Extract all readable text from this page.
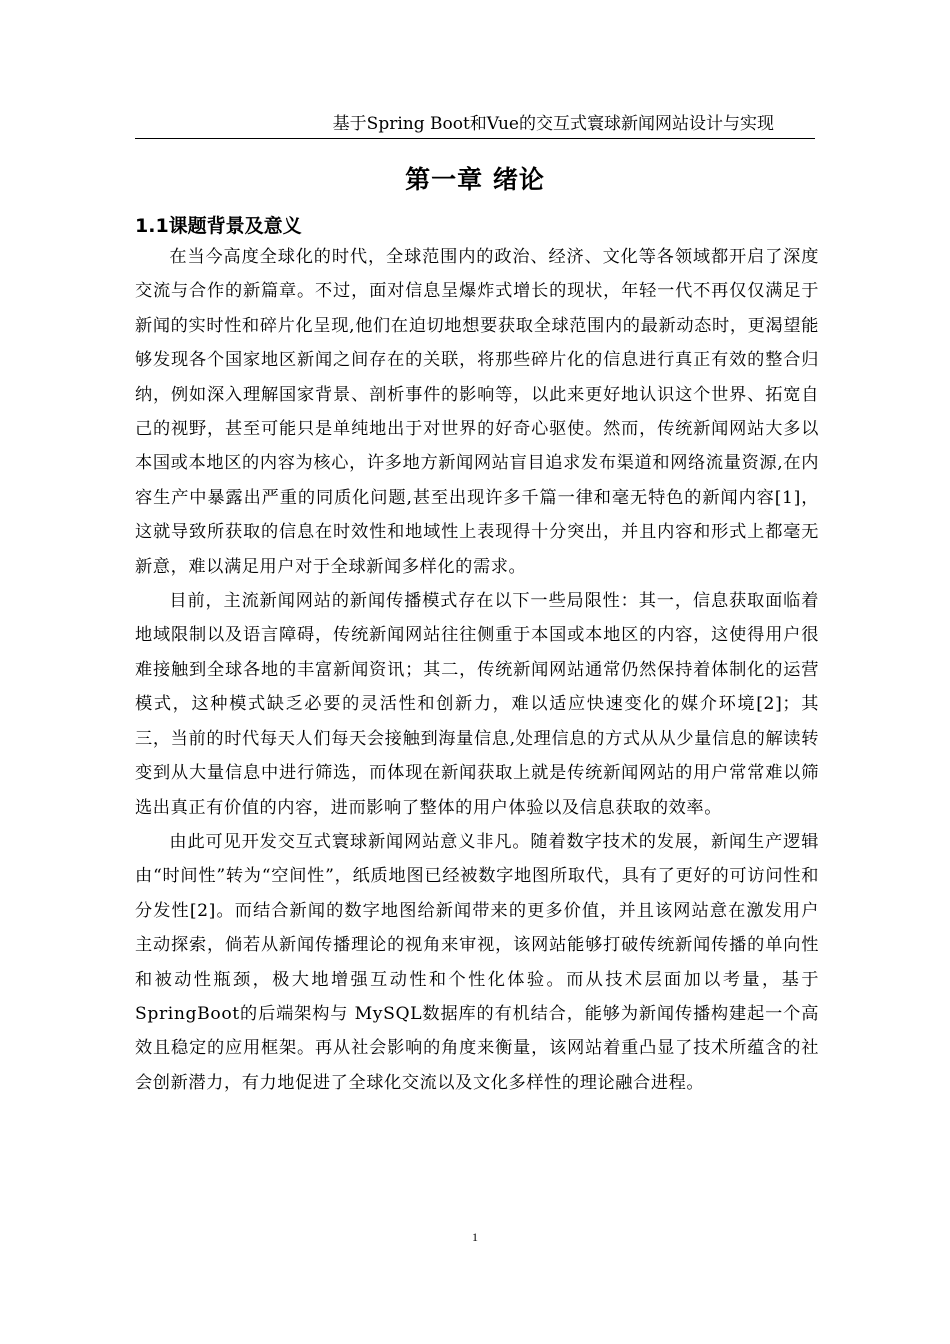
基于Spring Boot和Vue的交互式寰球新闻网站设计与实现
第一章 绪论
1.1课题背景及意义

在当今高度全球化的时代，全球范围内的政治、经济、文化等各领域都开启了深度交流与合作的新篇章。不过，面对信息呈爆炸式增长的现状，年轻一代不再仅仅满足于新闻的实时性和碎片化呈现,他们在迫切地想要获取全球范围内的最新动态时，更渴望能够发现各个国家地区新闻之间存在的关联，将那些碎片化的信息进行真正有效的整合归纳，例如深入理解国家背景、剖析事件的影响等，以此来更好地认识这个世界、拓宽自己的视野，甚至可能只是单纯地出于对世界的好奇心驱使。然而，传统新闻网站大多以本国或本地区的内容为核心，许多地方新闻网站盲目追求发布渠道和网络流量资源,在内容生产中暴露出严重的同质化问题,甚至出现许多千篇一律和毫无特色的新闻内容[1]，这就导致所获取的信息在时效性和地域性上表现得十分突出，并且内容和形式上都毫无新意，难以满足用户对于全球新闻多样化的需求。

目前，主流新闻网站的新闻传播模式存在以下一些局限性：其一，信息获取面临着地域限制以及语言障碍，传统新闻网站往往侧重于本国或本地区的内容，这使得用户很难接触到全球各地的丰富新闻资讯；其二，传统新闻网站通常仍然保持着体制化的运营模式，这种模式缺乏必要的灵活性和创新力，难以适应快速变化的媒介环境[2]；其三，当前的时代每天人们每天会接触到海量信息,处理信息的方式从从少量信息的解读转变到从大量信息中进行筛选，而体现在新闻获取上就是传统新闻网站的用户常常难以筛选出真正有价值的内容，进而影响了整体的用户体验以及信息获取的效率。

由此可见开发交互式寰球新闻网站意义非凡。随着数字技术的发展，新闻生产逻辑 由“时间性”转为“空间性”，纸质地图已经被数字地图所取代，具有了更好的可访问性和分发性[2]。而结合新闻的数字地图给新闻带来的更多价值，并且该网站意在激发用户主动探索，倘若从新闻传播理论的视角来审视，该网站能够打破传统新闻传播的单向性和被动性瓶颈，极大地增强互动性和个性化体验。而从技术层面加以考量，基于 SpringBoot的后端架构与 MySQL数据库的有机结合，能够为新闻传播构建起一个高效且稳定的应用框架。再从社会影响的角度来衡量，该网站着重凸显了技术所蕴含的社会创新潜力，有力地促进了全球化交流以及文化多样性的理论融合进程。

1
